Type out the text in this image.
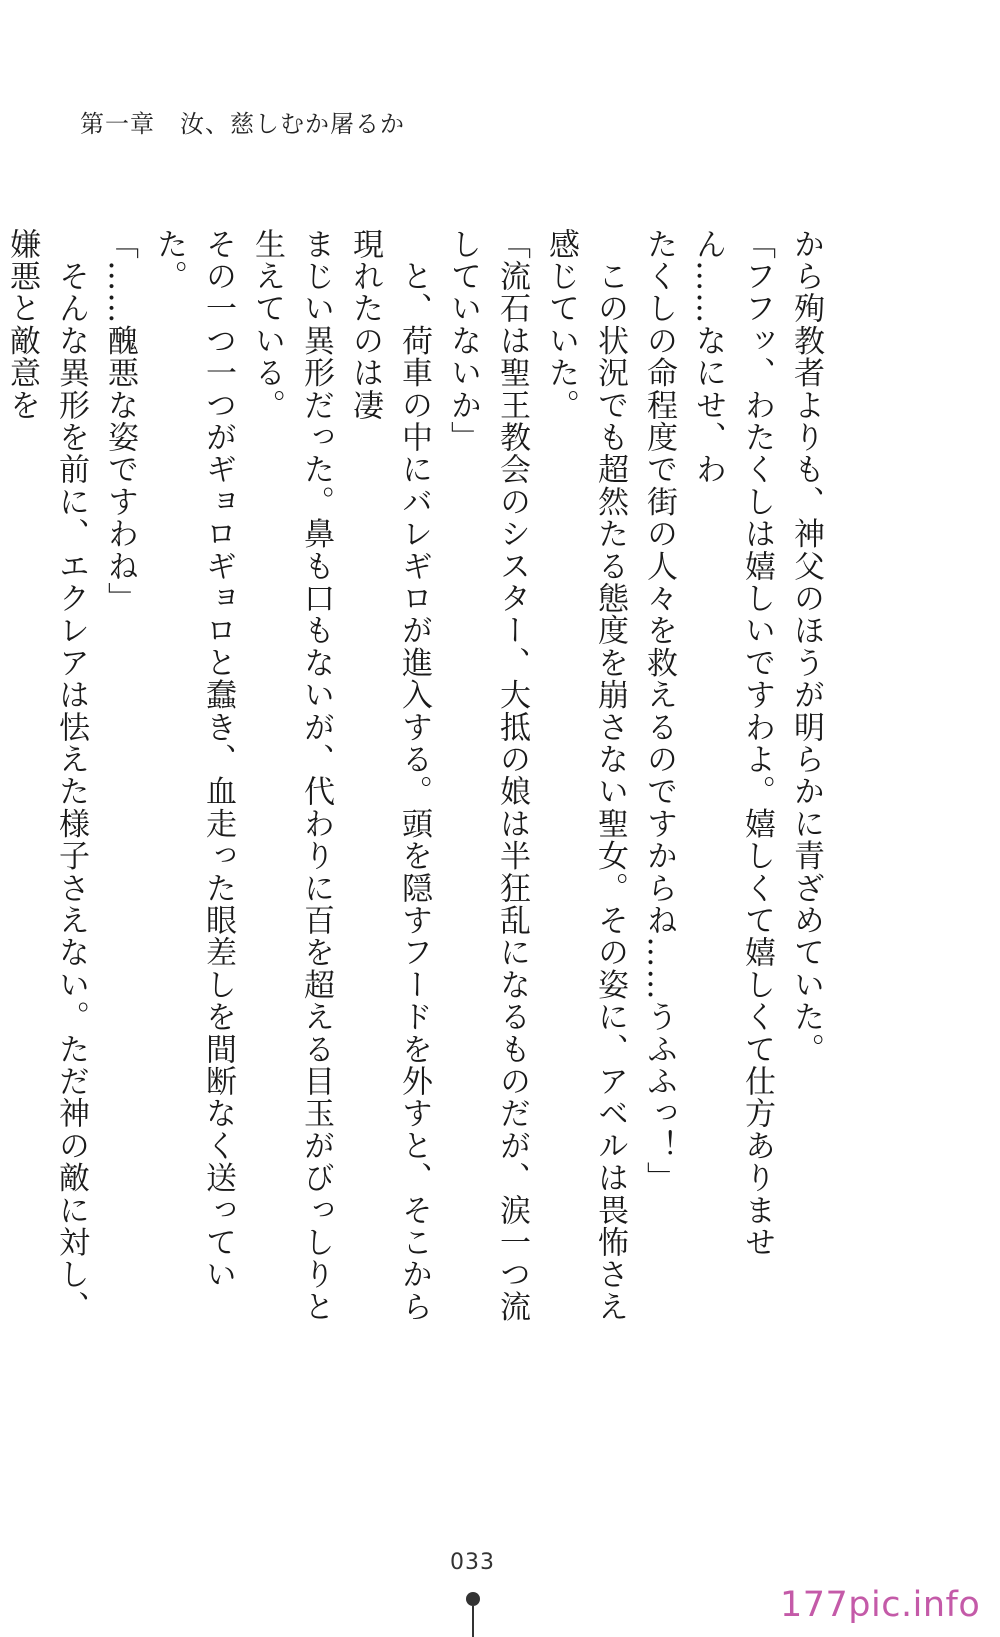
第一章　汝、慈しむか屠るか

から殉教者よりも、神父のほうが明らかに青ざめていた。

「フフッ、わたくしは嬉しいですわよ。嬉しくて嬉しくて仕方ありません……なにせ、わ

たくしの命程度で街の人々を救えるのですからね……うふふっ！」

　この状況でも超然たる態度を崩さない聖女。その姿に、アベルは畏怖さえ感じていた。

「流石は聖王教会のシスター、大抵の娘は半狂乱になるものだが、涙一つ流していないか」

　と、荷車の中にバレギロが進入する。頭を隠すフードを外すと、そこから現れたのは凄

まじい異形だった。鼻も口もないが、代わりに百を超える目玉がびっしりと生えている。

その一つ一つがギョロギョロと蠢き、血走った眼差しを間断なく送っていた。

「……醜悪な姿ですわね」

　そんな異形を前に、エクレアは怯えた様子さえない。ただ神の敵に対し、嫌悪と敵意を

033
177pic.info
